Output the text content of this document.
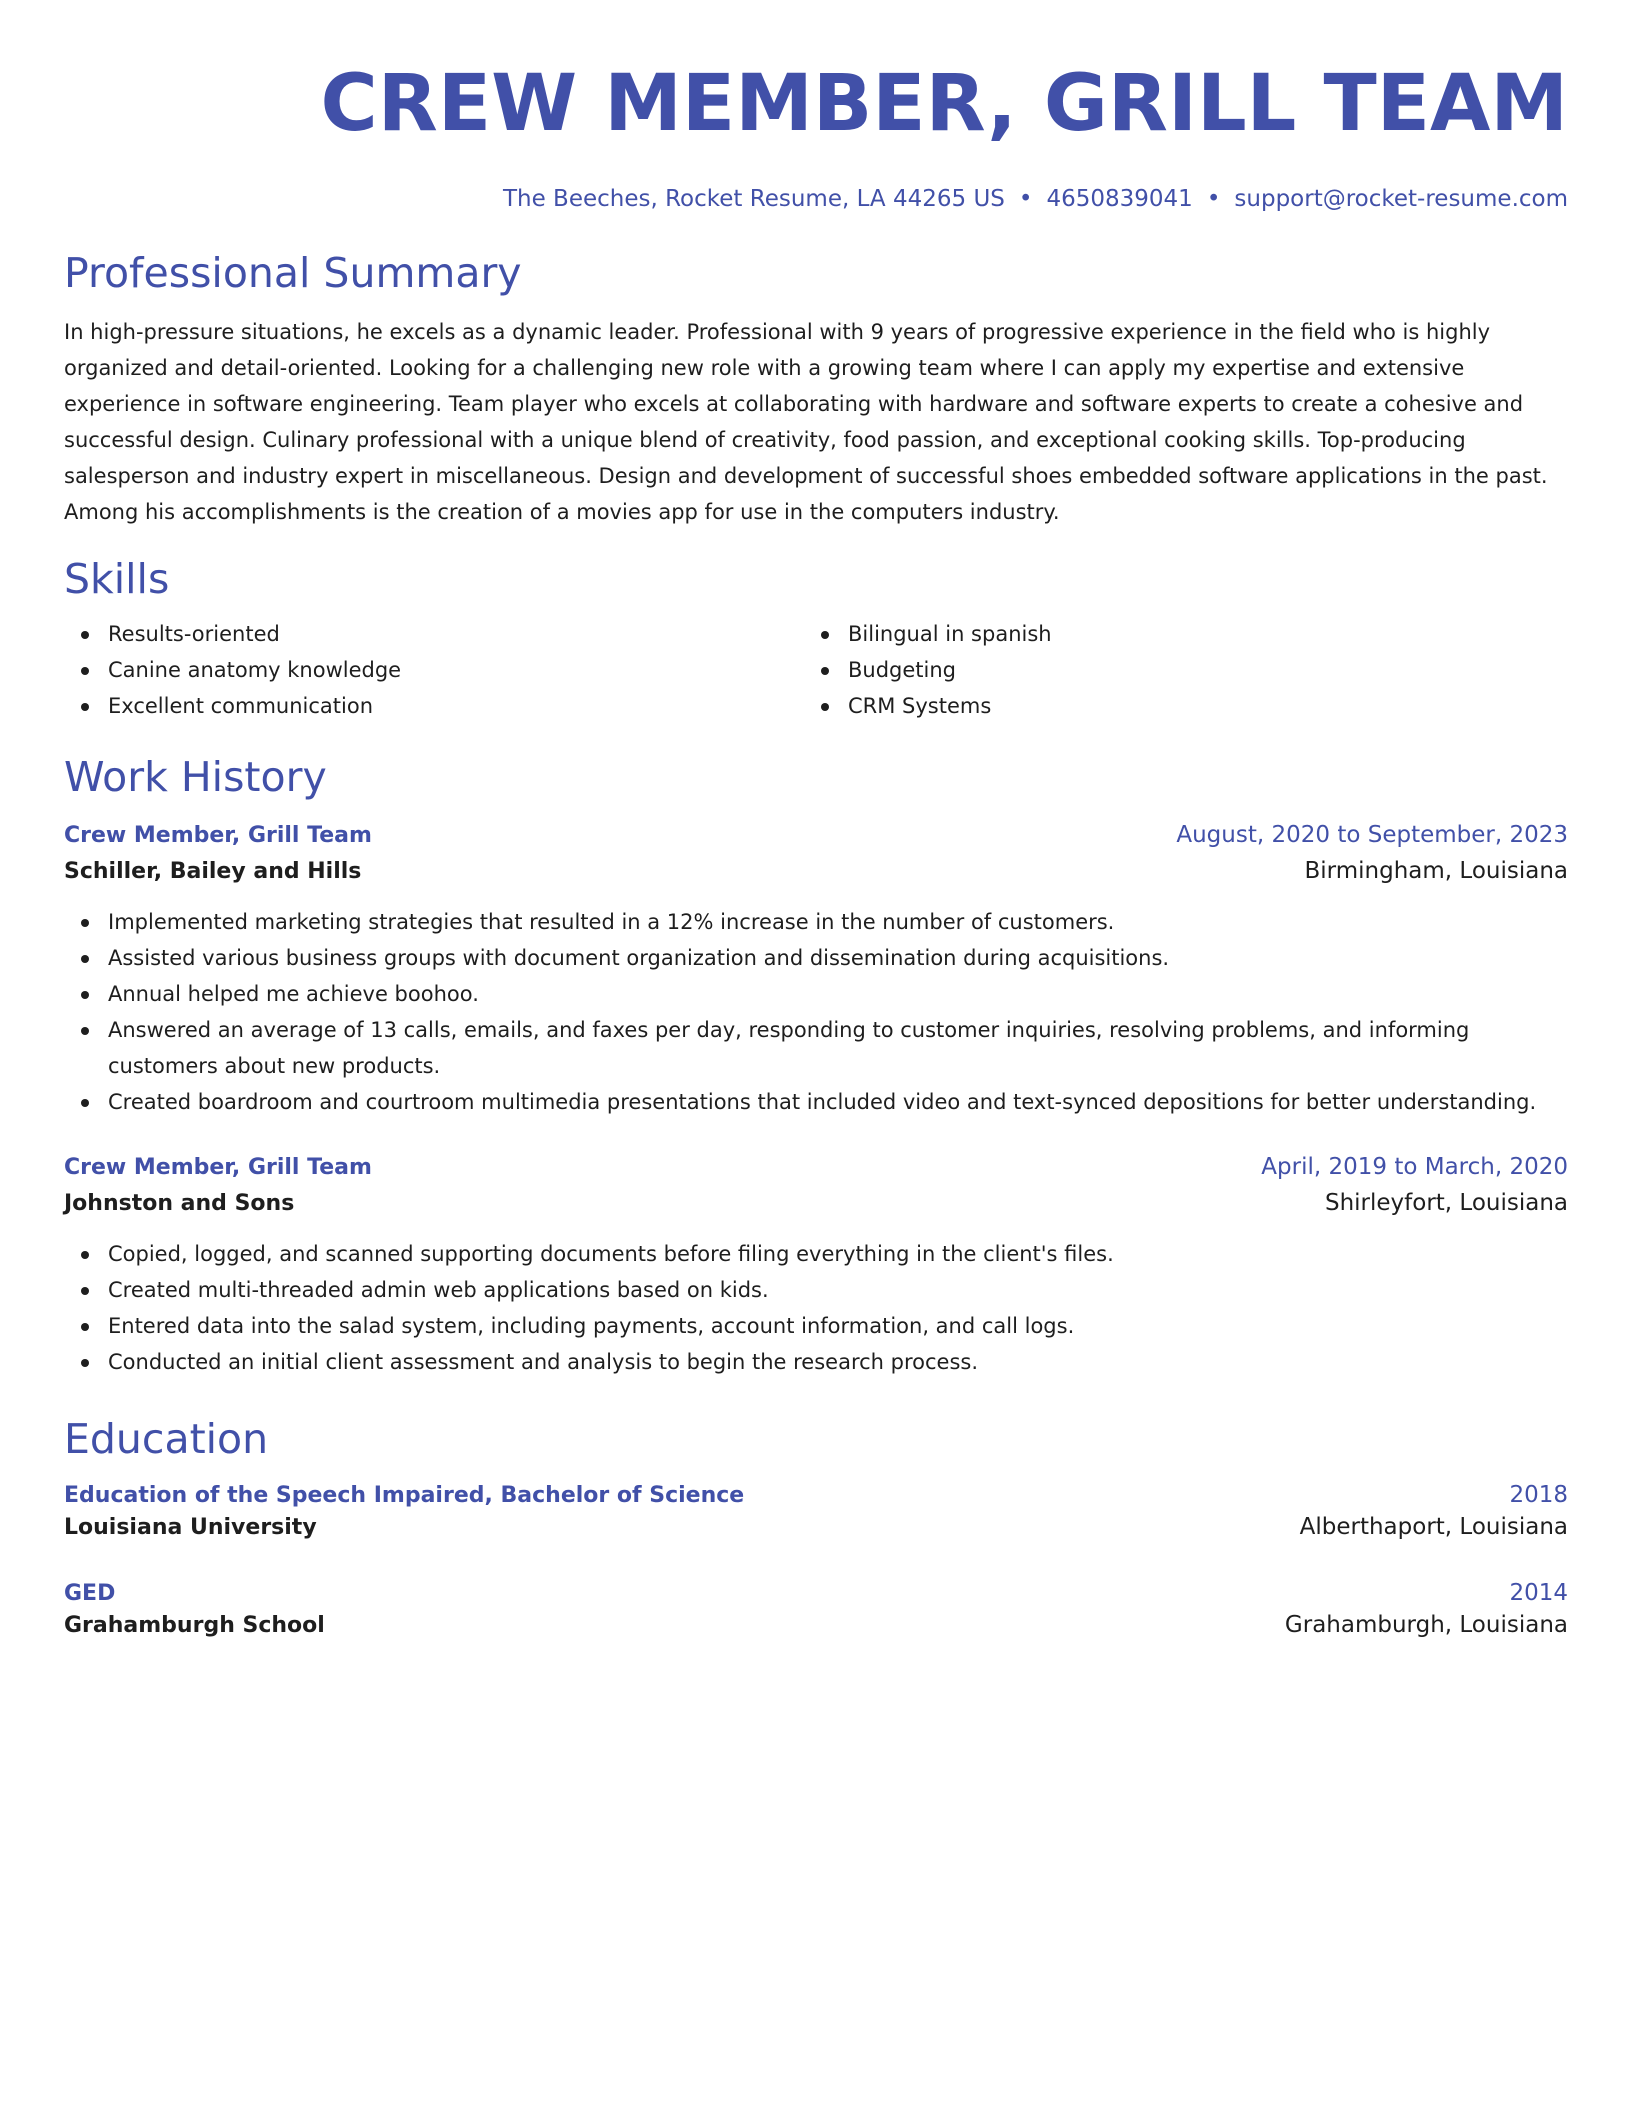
CREW MEMBER, GRILL TEAM
The Beeches, Rocket Resume, LA 44265 US • 4650839041 • support@rocket-resume.com
Professional Summary

In high-pressure situations, he excels as a dynamic leader. Professional with 9 years of progressive experience in the field who is highly organized and detail-oriented. Looking for a challenging new role with a growing team where I can apply my expertise and extensive experience in software engineering. Team player who excels at collaborating with hardware and software experts to create a cohesive and successful design. Culinary professional with a unique blend of creativity, food passion, and exceptional cooking skills. Top-producing salesperson and industry expert in miscellaneous. Design and development of successful shoes embedded software applications in the past. Among his accomplishments is the creation of a movies app for use in the computers industry.

Skills
Results-oriented
Canine anatomy knowledge
Excellent communication
Bilingual in spanish
Budgeting
CRM Systems
Work History
Crew Member, Grill Team	August, 2020 to September, 2023
Schiller, Bailey and Hills	Birmingham, Louisiana
Implemented marketing strategies that resulted in a 12% increase in the number of customers.
Assisted various business groups with document organization and dissemination during acquisitions.
Annual helped me achieve boohoo.
Answered an average of 13 calls, emails, and faxes per day, responding to customer inquiries, resolving problems, and informing customers about new products.
Created boardroom and courtroom multimedia presentations that included video and text-synced depositions for better understanding.
Crew Member, Grill Team	April, 2019 to March, 2020
Johnston and Sons	Shirleyfort, Louisiana
Copied, logged, and scanned supporting documents before filing everything in the client's files.
Created multi-threaded admin web applications based on kids.
Entered data into the salad system, including payments, account information, and call logs.
Conducted an initial client assessment and analysis to begin the research process.
Education
Education of the Speech Impaired, Bachelor of Science	2018
Louisiana University	Alberthaport, Louisiana
GED	2014
Grahamburgh School	Grahamburgh, Louisiana
